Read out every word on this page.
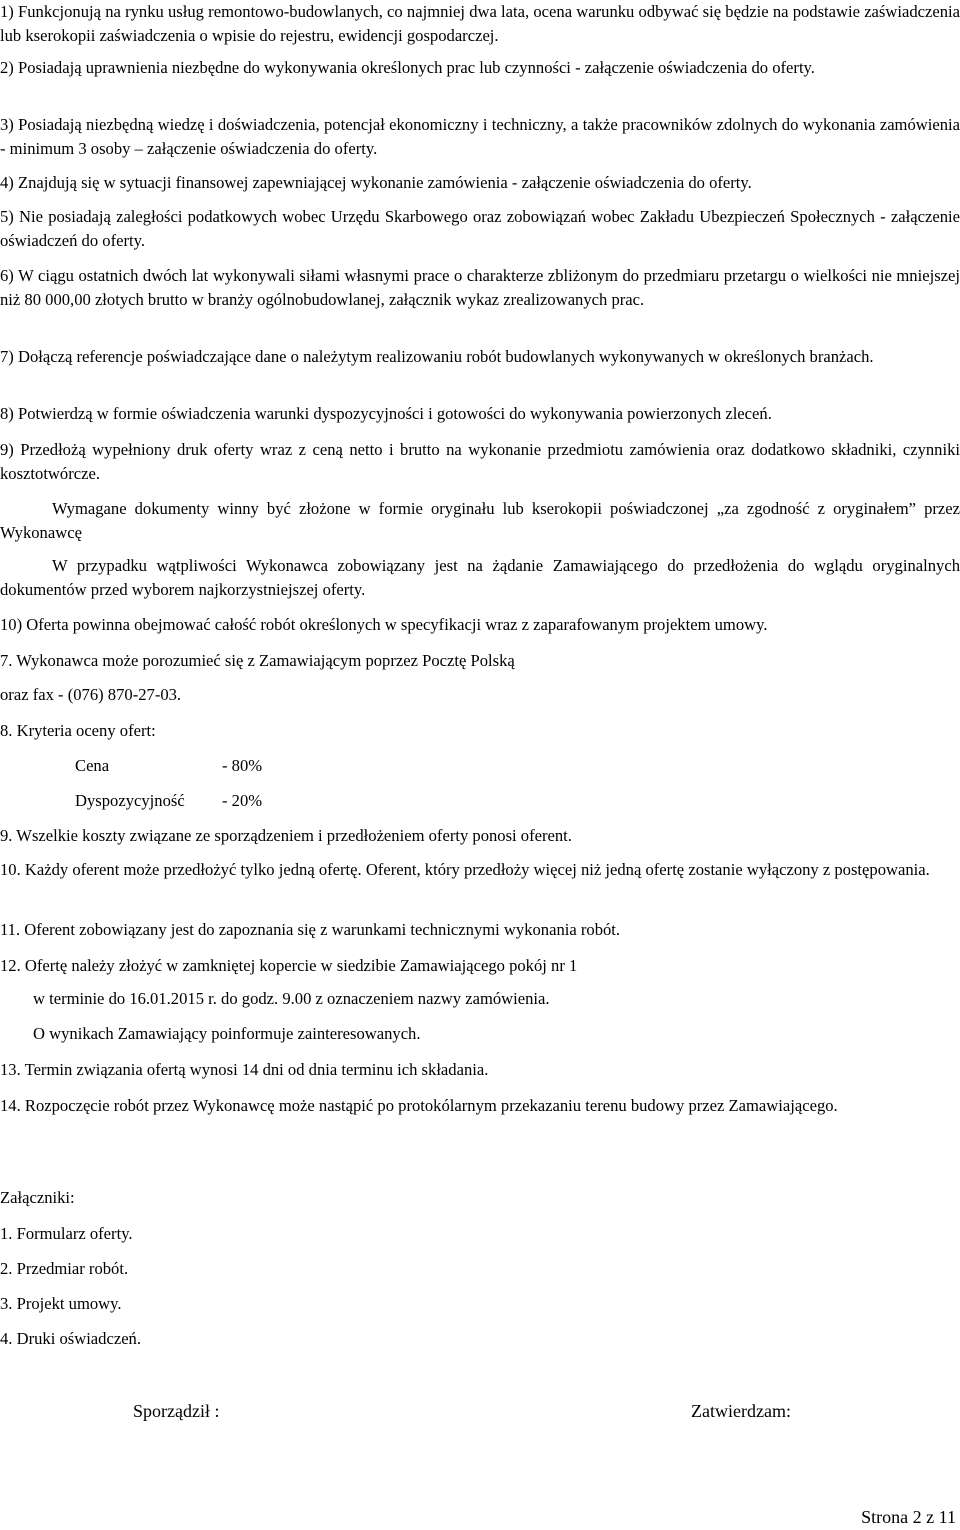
1) Funkcjonują na rynku usług remontowo-budowlanych, co najmniej dwa lata, ocena warunku odbywać się będzie na podstawie zaświadczenia lub kserokopii zaświadczenia o wpisie do rejestru, ewidencji gospodarczej.
2) Posiadają uprawnienia niezbędne do wykonywania określonych prac lub czynności - załączenie oświadczenia do oferty.
3) Posiadają niezbędną wiedzę i doświadczenia, potencjał ekonomiczny i techniczny, a także pracowników zdolnych do wykonania zamówienia - minimum 3 osoby – załączenie oświadczenia do oferty.
4) Znajdują się w sytuacji finansowej zapewniającej wykonanie zamówienia - załączenie oświadczenia do oferty.
5) Nie posiadają zaległości podatkowych wobec Urzędu Skarbowego oraz zobowiązań wobec Zakładu Ubezpieczeń Społecznych - załączenie oświadczeń do oferty.
6) W ciągu ostatnich dwóch lat wykonywali siłami własnymi prace o charakterze zbliżonym do przedmiaru przetargu o wielkości nie mniejszej niż 80 000,00 złotych brutto w branży ogólnobudowlanej, załącznik wykaz zrealizowanych prac.
7) Dołączą referencje poświadczające dane o należytym realizowaniu robót budowlanych wykonywanych w określonych branżach.
8) Potwierdzą w formie oświadczenia warunki dyspozycyjności i gotowości do wykonywania powierzonych zleceń.
9) Przedłożą wypełniony druk oferty wraz z ceną netto i brutto na wykonanie przedmiotu zamówienia oraz dodatkowo składniki, czynniki kosztotwórcze.
Wymagane dokumenty winny być złożone w formie oryginału lub kserokopii poświadczonej „za zgodność z oryginałem” przez Wykonawcę
W przypadku wątpliwości Wykonawca zobowiązany jest na żądanie Zamawiającego do przedłożenia do wglądu oryginalnych dokumentów przed wyborem najkorzystniejszej oferty.
10) Oferta powinna obejmować całość robót określonych w specyfikacji wraz z zaparafowanym projektem umowy.
7. Wykonawca może porozumieć się z Zamawiającym poprzez Pocztę Polską
oraz fax - (076) 870-27-03.
8. Kryteria oceny ofert:
Cena	- 80%
Dyspozycyjność - 20%
9. Wszelkie koszty związane ze sporządzeniem i przedłożeniem oferty ponosi oferent.
10. Każdy oferent może przedłożyć tylko jedną ofertę. Oferent, który przedłoży więcej niż jedną ofertę zostanie wyłączony z postępowania.
11. Oferent zobowiązany jest do zapoznania się z warunkami technicznymi wykonania robót.
12. Ofertę należy złożyć w zamkniętej kopercie w siedzibie Zamawiającego pokój nr 1
w terminie do 16.01.2015 r. do godz. 9.00 z oznaczeniem nazwy zamówienia.
O wynikach Zamawiający poinformuje zainteresowanych.
13. Termin związania ofertą wynosi 14 dni od dnia terminu ich składania.
14. Rozpoczęcie robót przez Wykonawcę może nastąpić po protokólarnym przekazaniu terenu budowy przez Zamawiającego.
Załączniki:
1. Formularz oferty.
2. Przedmiar robót.
3. Projekt umowy.
4. Druki oświadczeń.
Sporządził :	Zatwierdzam:
Strona 2 z 11
